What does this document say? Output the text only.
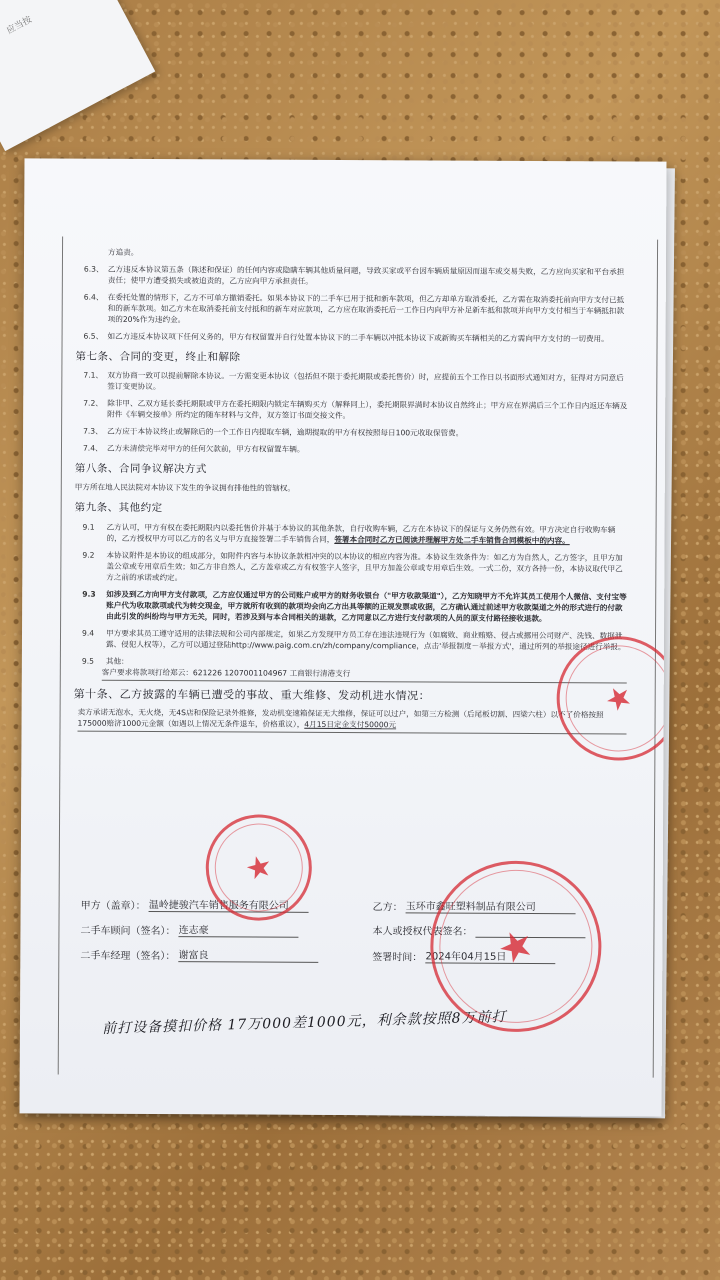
应当按

方追责。

6.3、 乙方违反本协议第五条（陈述和保证）的任何内容或隐瞒车辆其他质量问题，导致买家或平台因车辆质量原因而退车或交易失败，乙方应向买家和平台承担责任；使甲方遭受损失或被追责的，乙方应向甲方承担责任。
6.4、 在委托处置的情形下，乙方不可单方撤销委托。如果本协议下的二手车已用于抵和新车款项，但乙方却单方取消委托，乙方需在取消委托前向甲方支付已抵和的新车款项。如乙方未在取消委托前支付抵和的新车对应款项，乙方应在取消委托后一工作日内向甲方补足新车抵和款项并向甲方支付相当于车辆抵扣款项的20%作为违约金。
6.5、 如乙方违反本协议项下任何义务的，甲方有权留置并自行处置本协议下的二手车辆以冲抵本协议下或新购买车辆相关的乙方需向甲方支付的一切费用。
第七条、合同的变更，终止和解除
7.1、 双方协商一致可以提前解除本协议。一方需变更本协议（包括但不限于委托期限或委托售价）时，应提前五个工作日以书面形式通知对方，征得对方同意后签订变更协议。
7.2、 除非甲、乙双方延长委托期限或甲方在委托期限内锁定车辆购买方（解释同上），委托期限界满时本协议自然终止；甲方应在界满后三个工作日内返还车辆及附件《车辆交接单》所约定的随车材料与文件，双方签订书面交接文件。
7.3、 乙方应于本协议终止或解除后的一个工作日内提取车辆，逾期提取的甲方有权按照每日100元收取保管费。
7.4、 乙方未清偿完毕对甲方的任何欠款前，甲方有权留置车辆。
第八条、合同争议解决方式

甲方所在地人民法院对本协议下发生的争议拥有排他性的管辖权。

第九条、其他约定
9.1	乙方认可，甲方有权在委托期限内以委托售价并基于本协议的其他条款，自行收购车辆，乙方在本协议下的保证与义务仍然有效。甲方决定自行收购车辆的，乙方授权甲方可以乙方的名义与甲方直接签署二手车销售合同，签署本合同时乙方已阅读并理解甲方处二手车销售合同模板中的内容。
9.2	本协议附件是本协议的组成部分，如附件内容与本协议条款相冲突的以本协议的相应内容为准。本协议生效条件为：如乙方为自然人，乙方签字，且甲方加盖公章或专用章后生效；如乙方非自然人，乙方盖章或乙方有权签字人签字，且甲方加盖公章或专用章后生效。一式二份，双方各持一份，本协议取代甲乙方之前的承诺或约定。
9.3	如涉及到乙方向甲方支付款项，乙方应仅通过甲方的公司账户或甲方的财务收银台（"甲方收款渠道"），乙方知晓甲方不允许其员工使用个人微信、支付宝等账户代为收取款项或代为转交现金，甲方就所有收到的款项均会向乙方出具等额的正规发票或收据，乙方确认通过前述甲方收款渠道之外的形式进行的付款由此引发的纠纷均与甲方无关，同时，若涉及到与本合同相关的退款，乙方同意以乙方进行支付款项的人员的原支付路径接收退款。
9.4	甲方要求其员工遵守适用的法律法规和公司内部规定，如果乙方发现甲方员工存在违法违规行为（如腐败、商业贿赂、侵占或挪用公司财产、洗钱、数据泄露、侵犯人权等），乙方可以通过登陆http://www.paig.com.cn/zh/company/compliance，点击'举报制度－举报方式'，通过所列的举报途径进行举报。
9.5	其他：

客户要求将款项打给郑云：621226 1207001104967 工商银行清港支行

第十条、乙方披露的车辆已遭受的事故、重大维修、发动机进水情况：

卖方承诺无泡水，无火烧，无4S店和保险记录外维修，发动机变速箱保证无大维修，保证可以过户，如第三方检测（后尾板切割、四梁六柱）以不了价格按照175000赔济1000元金额（如遇以上情况无条件退车，价格重议），4月15日定金支付50000元

前打设备摸扣价格 17万000差1000元，利余款按照8万前打
甲方（盖章）： 温岭捷骏汽车销售服务有限公司	乙方： 玉环市鑫旺塑料制品有限公司
二手车顾问（签名）： 连志豪	本人或授权代表签名：
二手车经理（签名）： 谢富良	签署时间： 2024年04月15日
★
★
★
